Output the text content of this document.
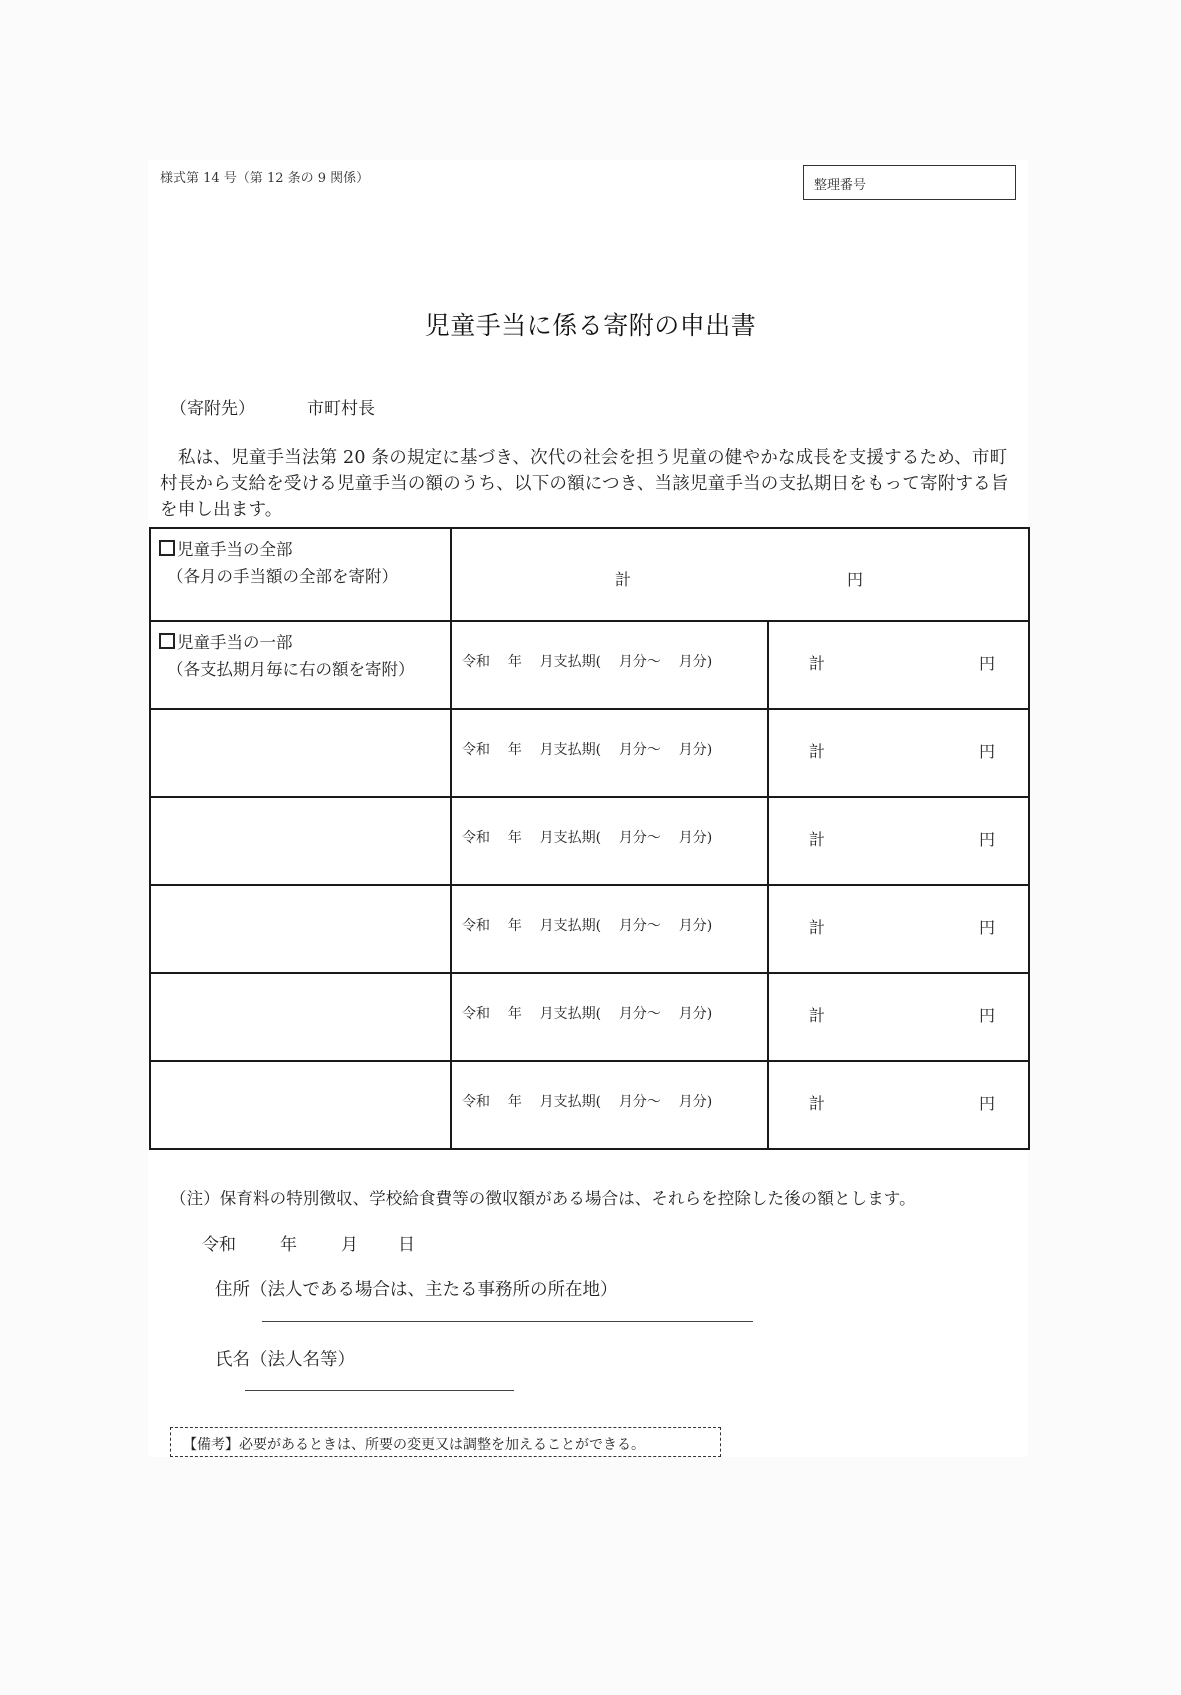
様式第 14 号（第 12 条の 9 関係）	整理番号
児童手当に係る寄附の申出書
（寄附先）	市町村長
私は、児童手当法第 20 条の規定に基づき、次代の社会を担う児童の健やかな成長を支援するため、市町村長から支給を受ける児童手当の額のうち、以下の額につき、当該児童手当の支払期日をもって寄附する旨を申し出ます。
児童手当の全部
（各月の手当額の全部を寄附）	計	円

児童手当の一部
（各支払期月毎に右の額を寄附）	令和 年 月支払期( 月分～ 月分)	計	円

	令和 年 月支払期( 月分～ 月分)	計 円

	令和 年 月支払期( 月分～ 月分)	計 円

	令和 年 月支払期( 月分～ 月分)	計 円

	令和 年 月支払期( 月分～ 月分)	計 円

	令和 年 月支払期( 月分～ 月分)	計 円
（注）保育料の特別徴収、学校給食費等の徴収額がある場合は、それらを控除した後の額とします。
令和	年	月 日
住所（法人である場合は、主たる事務所の所在地）
氏名（法人名等）
【備考】必要があるときは、所要の変更又は調整を加えることができる。
